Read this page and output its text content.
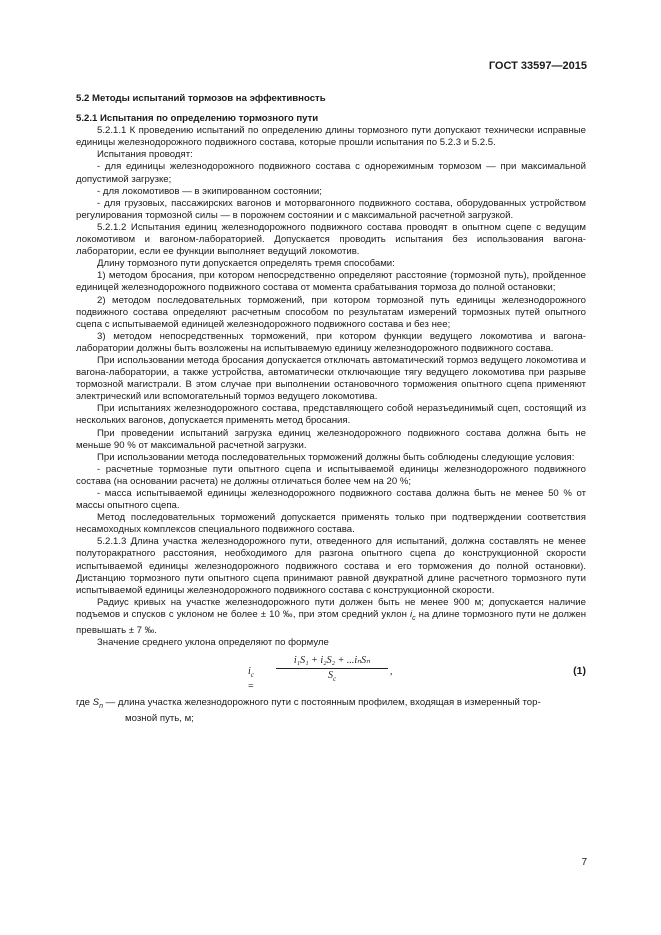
ГОСТ 33597—2015

5.2 Методы испытаний тормозов на эффективность

5.2.1 Испытания по определению тормозного пути

5.2.1.1 К проведению испытаний по определению длины тормозного пути допускают технически исправные единицы железнодорожного подвижного состава, которые прошли испытания по 5.2.3 и 5.2.5.

Испытания проводят:

- для единицы железнодорожного подвижного состава с однорежимным тормозом — при максимальной допустимой загрузке;

- для локомотивов — в экипированном состоянии;

- для грузовых, пассажирских вагонов и моторвагонного подвижного состава, оборудованных устройством регулирования тормозной силы — в порожнем состоянии и с максимальной расчетной загрузкой.

5.2.1.2 Испытания единиц железнодорожного подвижного состава проводят в опытном сцепе с ведущим локомотивом и вагоном-лабораторией. Допускается проводить испытания без использования вагона-лаборатории, если ее функции выполняет ведущий локомотив.

Длину тормозного пути допускается определять тремя способами:

1) методом бросания, при котором непосредственно определяют расстояние (тормозной путь), пройденное единицей железнодорожного подвижного состава от момента срабатывания тормоза до полной остановки;

2) методом последовательных торможений, при котором тормозной путь единицы железнодорожного подвижного состава определяют расчетным способом по результатам измерений тормозных путей опытного сцепа с испытываемой единицей железнодорожного подвижного состава и без нее;

3) методом непосредственных торможений, при котором функции ведущего локомотива и вагона-лаборатории должны быть возложены на испытываемую единицу железнодорожного подвижного состава.

При использовании метода бросания допускается отключать автоматический тормоз ведущего локомотива и вагона-лаборатории, а также устройства, автоматически отключающие тягу ведущего локомотива при разрыве тормозной магистрали. В этом случае при выполнении остановочного торможения опытного сцепа применяют электрический или вспомогательный тормоз ведущего локомотива.

При испытаниях железнодорожного состава, представляющего собой неразъединимый сцеп, состоящий из нескольких вагонов, допускается применять метод бросания.

При проведении испытаний загрузка единиц железнодорожного подвижного состава должна быть не меньше 90 % от максимальной расчетной загрузки.

При использовании метода последовательных торможений должны быть соблюдены следующие условия:

- расчетные тормозные пути опытного сцепа и испытываемой единицы железнодорожного подвижного состава (на основании расчета) не должны отличаться более чем на 20 %;

- масса испытываемой единицы железнодорожного подвижного состава должна быть не менее 50 % от массы опытного сцепа.

Метод последовательных торможений допускается применять только при подтверждении соответствия несамоходных комплексов специального подвижного состава.

5.2.1.3 Длина участка железнодорожного пути, отведенного для испытаний, должна составлять не менее полуторакратного расстояния, необходимого для разгона опытного сцепа до конструкционной скорости испытываемой единицы железнодорожного подвижного состава и его торможения до полной остановки). Дистанцию тормозного пути опытного сцепа принимают равной двукратной длине расчетного тормозного пути испытываемой единицы железнодорожного подвижного состава с конструкционной скорости.

Радиус кривых на участке железнодорожного пути должен быть не менее 900 м; допускается наличие подъемов и спусков с уклоном не более ± 10 ‰, при этом средний уклон $i_c$ на длине тормозного пути не должен превышать ± 7 ‰.

Значение среднего уклона определяют по формуле

$i_c$ =
i₁S₁ + i₂S₂ + ...iₙSₙ
$S_c$
,	(1)

где $S_n$ — длина участка железнодорожного пути с постоянным профилем, входящая в измеренный тор-

мозной путь, м;

7
